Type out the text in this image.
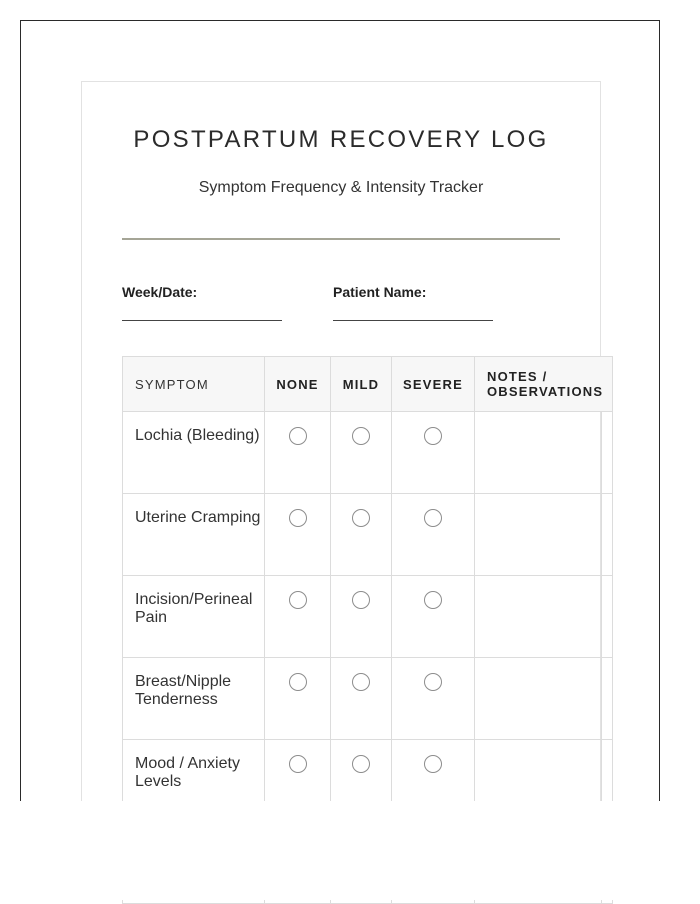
POSTPARTUM RECOVERY LOG
Symptom Frequency & Intensity Tracker
Week/Date:	Patient Name:
SYMPTOM	NONE	MILD	SEVERE	NOTES / OBSERVATIONS
Lochia (Bleeding)				

Uterine Cramping				

Incision/Perineal Pain				

Breast/Nipple Tenderness				

Mood / Anxiety Levels				
